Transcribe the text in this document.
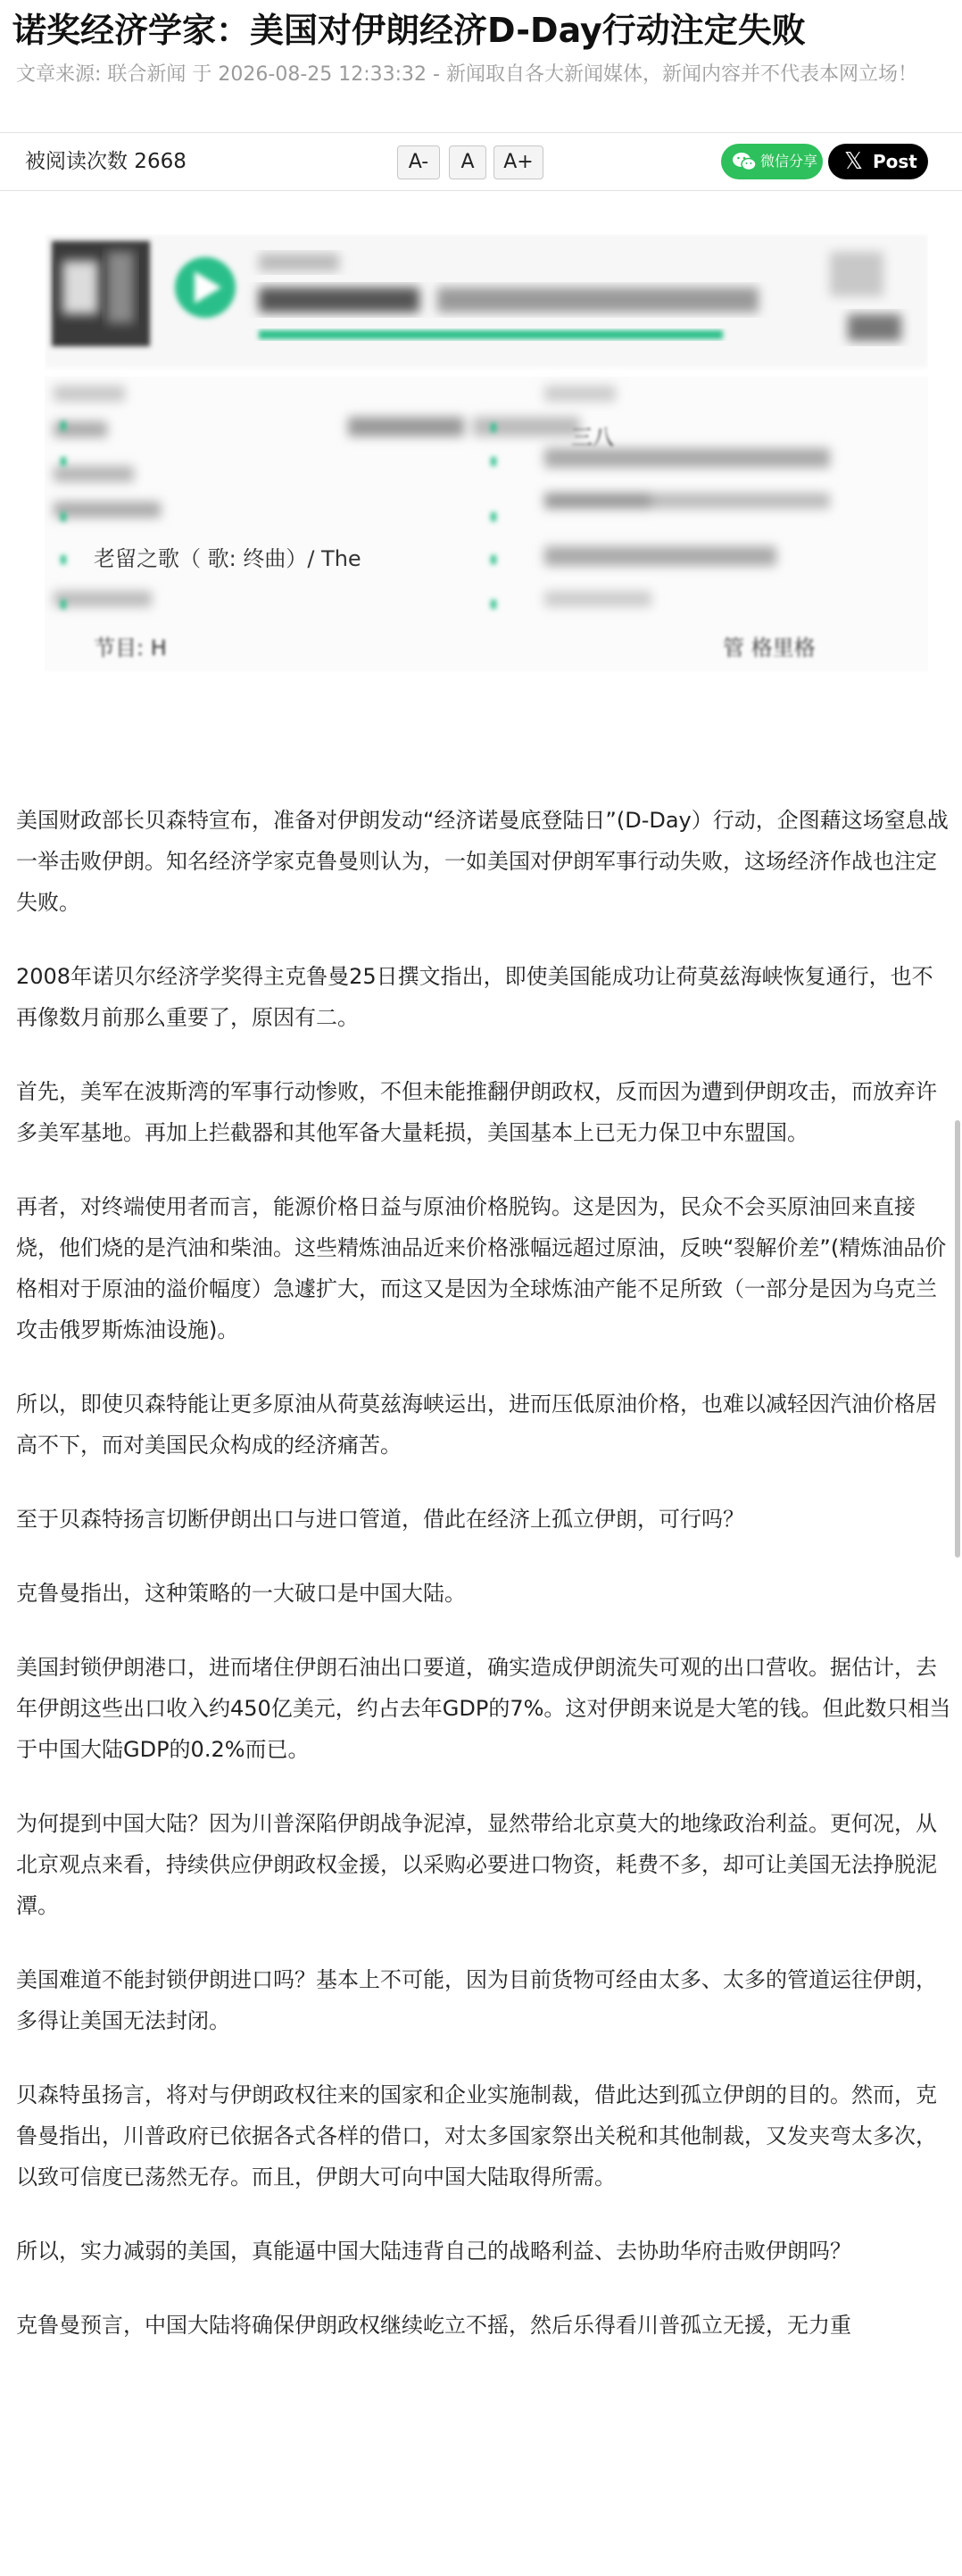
诺奖经济学家：美国对伊朗经济D-Day行动注定失败
文章来源: 联合新闻 于 2026-08-25 12:33:32 - 新闻取自各大新闻媒体，新闻内容并不代表本网立场！
被阅读次数 2668	A-	A	A+	微信分享 𝕏 Post
老留之歌（ 歌: 终曲）/ The
节目: H
三八
管 格里格

美国财政部长贝森特宣布，准备对伊朗发动“经济诺曼底登陆日”(D-Day）行动，企图藉这场窒息战一举击败伊朗。知名经济学家克鲁曼则认为，一如美国对伊朗军事行动失败，这场经济作战也注定失败。

2008年诺贝尔经济学奖得主克鲁曼25日撰文指出，即使美国能成功让荷莫兹海峡恢复通行，也不再像数月前那么重要了，原因有二。

首先，美军在波斯湾的军事行动惨败，不但未能推翻伊朗政权，反而因为遭到伊朗攻击，而放弃许多美军基地。再加上拦截器和其他军备大量耗损，美国基本上已无力保卫中东盟国。

再者，对终端使用者而言，能源价格日益与原油价格脱钩。这是因为，民众不会买原油回来直接烧，他们烧的是汽油和柴油。这些精炼油品近来价格涨幅远超过原油，反映“裂解价差”(精炼油品价格相对于原油的溢价幅度）急遽扩大，而这又是因为全球炼油产能不足所致（一部分是因为乌克兰攻击俄罗斯炼油设施)。

所以，即使贝森特能让更多原油从荷莫兹海峡运出，进而压低原油价格，也难以减轻因汽油价格居高不下，而对美国民众构成的经济痛苦。

至于贝森特扬言切断伊朗出口与进口管道，借此在经济上孤立伊朗，可行吗？

克鲁曼指出，这种策略的一大破口是中国大陆。

美国封锁伊朗港口，进而堵住伊朗石油出口要道，确实造成伊朗流失可观的出口营收。据估计，去年伊朗这些出口收入约450亿美元，约占去年GDP的7%。这对伊朗来说是大笔的钱。但此数只相当于中国大陆GDP的0.2%而已。

为何提到中国大陆？因为川普深陷伊朗战争泥淖，显然带给北京莫大的地缘政治利益。更何况，从北京观点来看，持续供应伊朗政权金援，以采购必要进口物资，耗费不多，却可让美国无法挣脱泥潭。

美国难道不能封锁伊朗进口吗？基本上不可能，因为目前货物可经由太多、太多的管道运往伊朗，多得让美国无法封闭。

贝森特虽扬言，将对与伊朗政权往来的国家和企业实施制裁，借此达到孤立伊朗的目的。然而，克鲁曼指出，川普政府已依据各式各样的借口，对太多国家祭出关税和其他制裁，又发夹弯太多次，以致可信度已荡然无存。而且，伊朗大可向中国大陆取得所需。

所以，实力减弱的美国，真能逼中国大陆违背自己的战略利益、去协助华府击败伊朗吗？

克鲁曼预言，中国大陆将确保伊朗政权继续屹立不摇，然后乐得看川普孤立无援，无力重
